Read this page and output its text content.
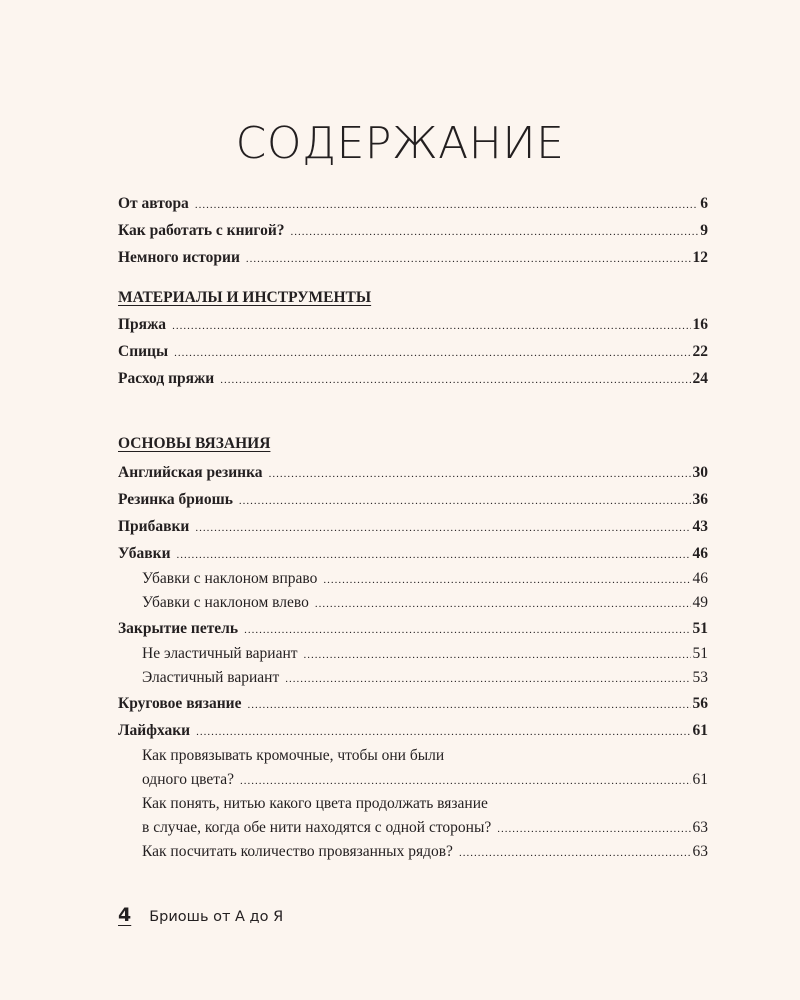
СОДЕРЖАНИЕ
От автора .....	6
Как работать с книгой? .....	9
Немного истории .....	12
МАТЕРИАЛЫ И ИНСТРУМЕНТЫ
Пряжа .....	16
Спицы .....	22
Расход пряжи .....	24
ОСНОВЫ ВЯЗАНИЯ
Английская резинка .....	30
Резинка бриошь .....	36
Прибавки .....	43
Убавки .....	46
Убавки с наклоном вправо .....	46
Убавки с наклоном влево .....	49
Закрытие петель .....	51
Не эластичный вариант .....	51
Эластичный вариант .....	53
Круговое вязание .....	56
Лайфхаки .....	61
Как провязывать кромочные, чтобы они были
одного цвета? .....	61
Как понять, нитью какого цвета продолжать вязание
в случае, когда обе нити находятся с одной стороны? .....	63
Как посчитать количество провязанных рядов? .....	63
4 Бриошь от А до Я
